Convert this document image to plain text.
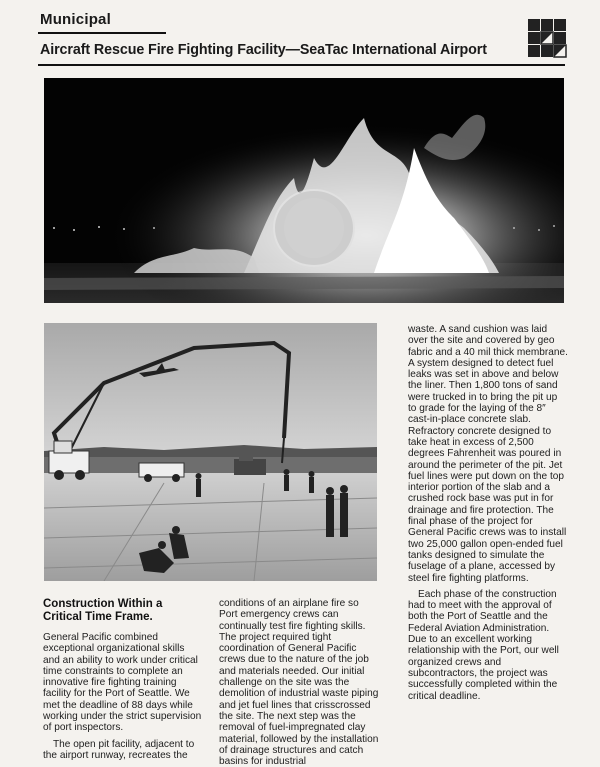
Municipal
Aircraft Rescue Fire Fighting Facility—SeaTac International Airport
Construction Within a Critical Time Frame.

General Pacific combined exceptional organizational skills and an ability to work under critical time constraints to complete an innovative fire fighting training facility for the Port of Seattle. We met the deadline of 88 days while working under the strict supervision of port inspectors.

The open pit facility, adjacent to the airport runway, recreates the

conditions of an airplane fire so Port emergency crews can continually test fire fighting skills. The project required tight coordination of General Pacific crews due to the nature of the job and materials needed. Our initial challenge on the site was the demolition of industrial waste piping and jet fuel lines that crisscrossed the site. The next step was the removal of fuel-impregnated clay material, followed by the installation of drainage structures and catch basins for industrial

waste. A sand cushion was laid over the site and covered by geo fabric and a 40 mil thick membrane. A system designed to detect fuel leaks was set in above and below the liner. Then 1,800 tons of sand were trucked in to bring the pit up to grade for the laying of the 8″ cast-in-place concrete slab. Refractory concrete designed to take heat in excess of 2,500 degrees Fahrenheit was poured in around the perimeter of the pit. Jet fuel lines were put down on the top interior portion of the slab and a crushed rock base was put in for drainage and fire protection. The final phase of the project for General Pacific crews was to install two 25,000 gallon open-ended fuel tanks designed to simulate the fuselage of a plane, accessed by steel fire fighting platforms.

Each phase of the construction had to meet with the approval of both the Port of Seattle and the Federal Aviation Administration. Due to an excellent working relationship with the Port, our well organized crews and subcontractors, the project was successfully completed within the critical deadline.
